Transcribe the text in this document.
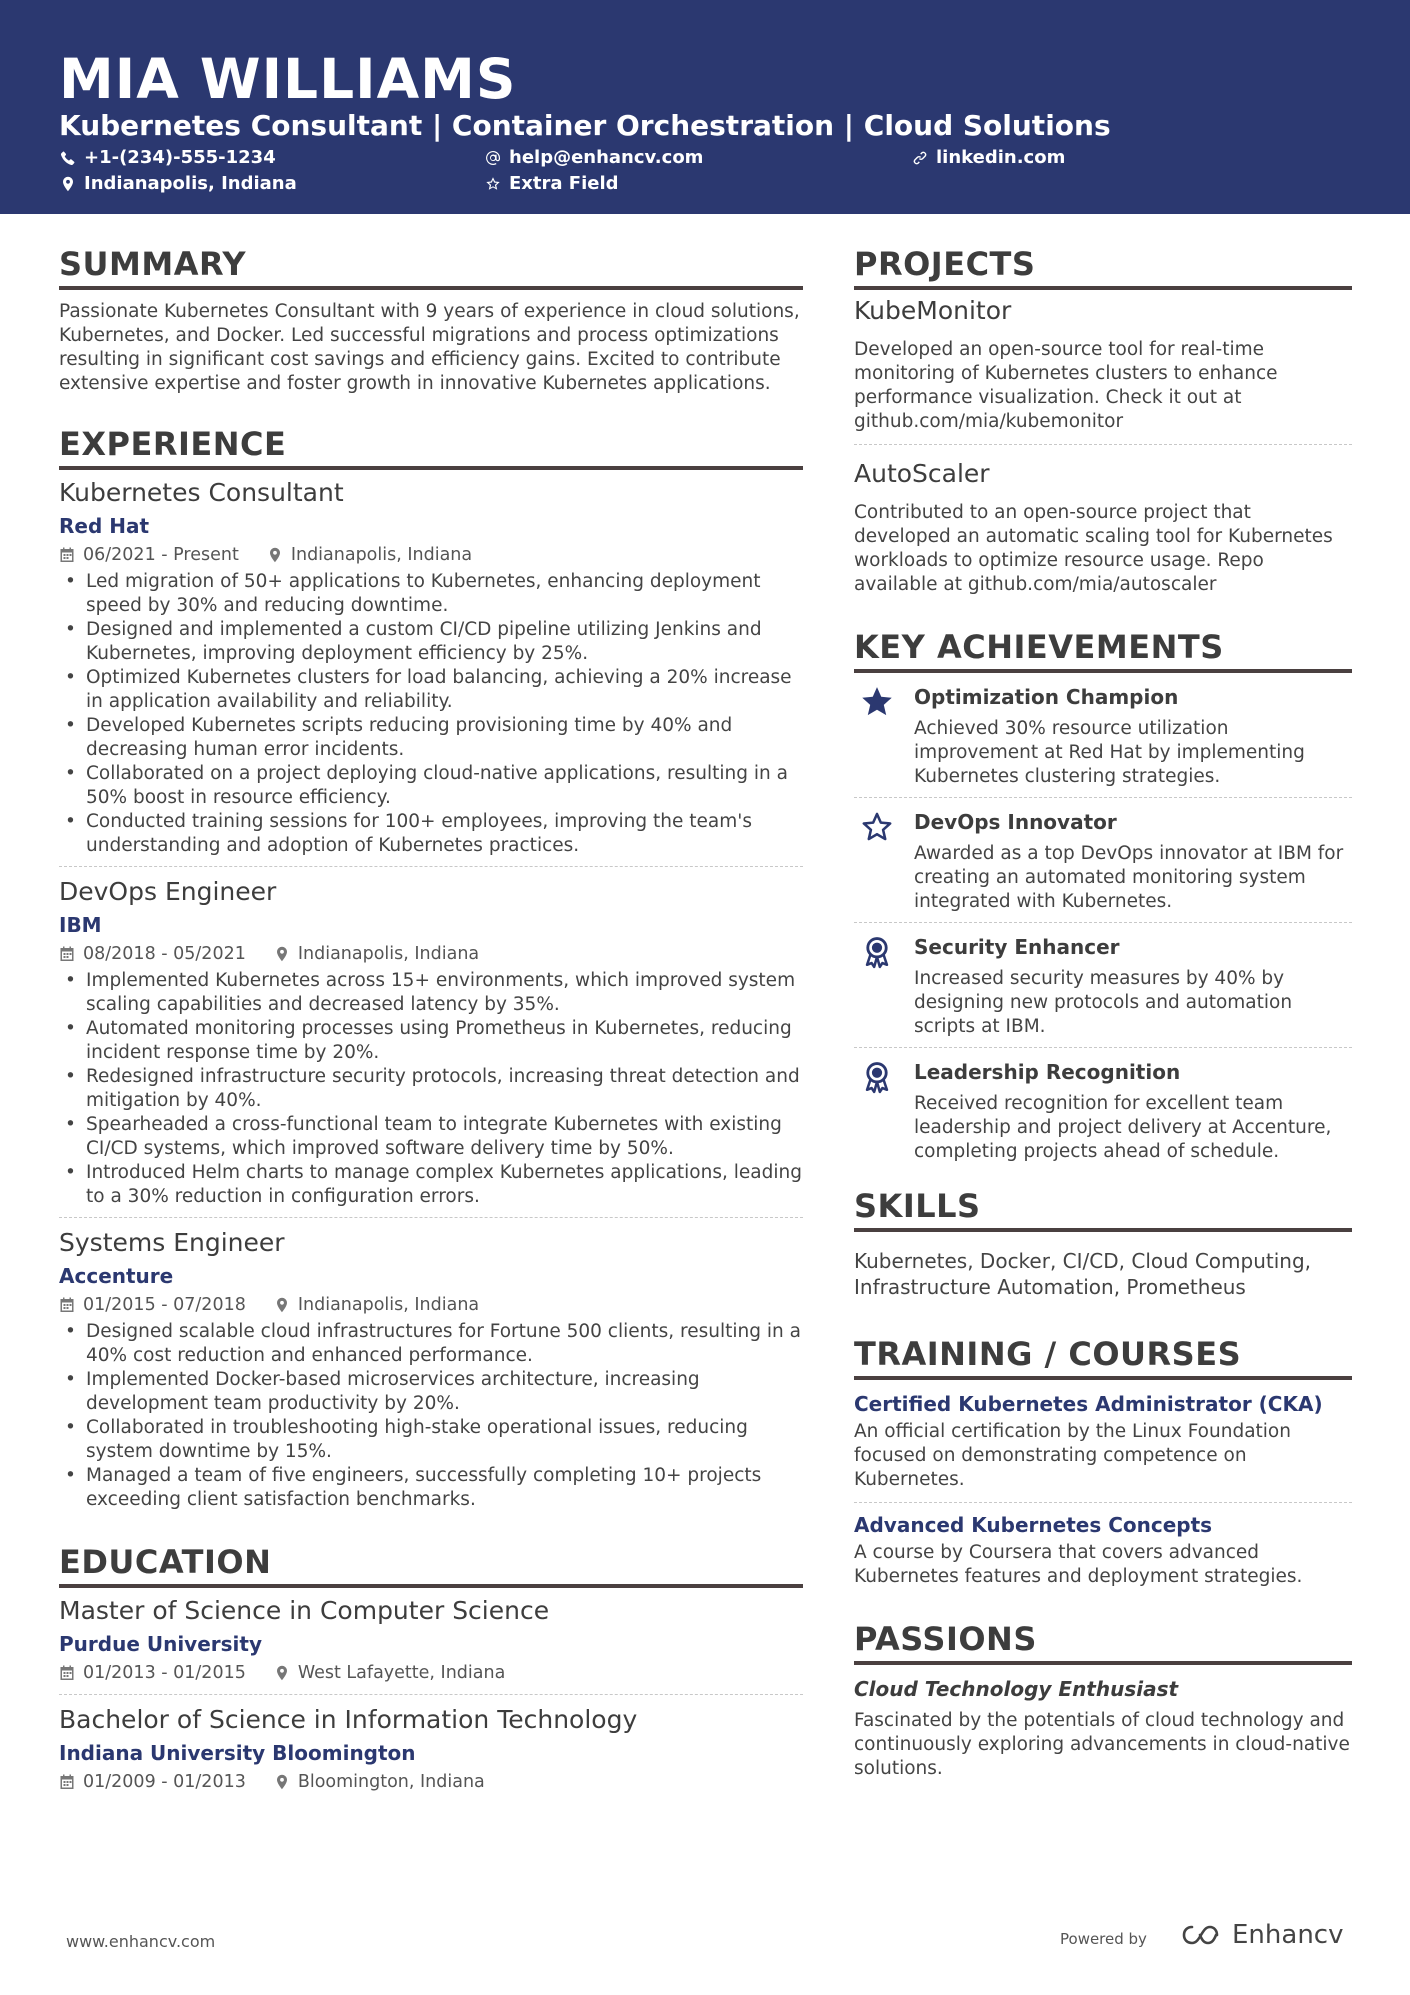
MIA WILLIAMS
Kubernetes Consultant | Container Orchestration | Cloud Solutions
+1-(234)-555-1234	help@enhancv.com	linkedin.com
Indianapolis, Indiana	Extra Field
SUMMARY

Passionate Kubernetes Consultant with 9 years of experience in cloud solutions, Kubernetes, and Docker. Led successful migrations and process optimizations resulting in significant cost savings and efficiency gains. Excited to contribute extensive expertise and foster growth in innovative Kubernetes applications.

EXPERIENCE
Kubernetes Consultant
Red Hat
06/2021 - Present	Indianapolis, Indiana
• Led migration of 50+ applications to Kubernetes, enhancing deployment speed by 30% and reducing downtime.
• Designed and implemented a custom CI/CD pipeline utilizing Jenkins and Kubernetes, improving deployment efficiency by 25%.
• Optimized Kubernetes clusters for load balancing, achieving a 20% increase in application availability and reliability.
• Developed Kubernetes scripts reducing provisioning time by 40% and decreasing human error incidents.
• Collaborated on a project deploying cloud-native applications, resulting in a 50% boost in resource efficiency.
• Conducted training sessions for 100+ employees, improving the team's understanding and adoption of Kubernetes practices.
DevOps Engineer
IBM
08/2018 - 05/2021	Indianapolis, Indiana
• Implemented Kubernetes across 15+ environments, which improved system scaling capabilities and decreased latency by 35%.
• Automated monitoring processes using Prometheus in Kubernetes, reducing incident response time by 20%.
• Redesigned infrastructure security protocols, increasing threat detection and mitigation by 40%.
• Spearheaded a cross-functional team to integrate Kubernetes with existing CI/CD systems, which improved software delivery time by 50%.
• Introduced Helm charts to manage complex Kubernetes applications, leading to a 30% reduction in configuration errors.
Systems Engineer
Accenture
01/2015 - 07/2018	Indianapolis, Indiana
• Designed scalable cloud infrastructures for Fortune 500 clients, resulting in a 40% cost reduction and enhanced performance.
• Implemented Docker-based microservices architecture, increasing development team productivity by 20%.
• Collaborated in troubleshooting high-stake operational issues, reducing system downtime by 15%.
• Managed a team of five engineers, successfully completing 10+ projects exceeding client satisfaction benchmarks.
EDUCATION
Master of Science in Computer Science
Purdue University
01/2013 - 01/2015	West Lafayette, Indiana
Bachelor of Science in Information Technology
Indiana University Bloomington
01/2009 - 01/2013	Bloomington, Indiana
PROJECTS
KubeMonitor

Developed an open-source tool for real-time monitoring of Kubernetes clusters to enhance performance visualization. Check it out at github.com/mia/kubemonitor

AutoScaler

Contributed to an open-source project that developed an automatic scaling tool for Kubernetes workloads to optimize resource usage. Repo available at github.com/mia/autoscaler

KEY ACHIEVEMENTS
Optimization Champion
Achieved 30% resource utilization improvement at Red Hat by implementing Kubernetes clustering strategies.
DevOps Innovator
Awarded as a top DevOps innovator at IBM for creating an automated monitoring system integrated with Kubernetes.
Security Enhancer
Increased security measures by 40% by designing new protocols and automation scripts at IBM.
Leadership Recognition
Received recognition for excellent team leadership and project delivery at Accenture, completing projects ahead of schedule.
SKILLS

Kubernetes, Docker, CI/CD, Cloud Computing, Infrastructure Automation, Prometheus

TRAINING / COURSES
Certified Kubernetes Administrator (CKA)

An official certification by the Linux Foundation focused on demonstrating competence on Kubernetes.

Advanced Kubernetes Concepts

A course by Coursera that covers advanced Kubernetes features and deployment strategies.

PASSIONS
Cloud Technology Enthusiast

Fascinated by the potentials of cloud technology and continuously exploring advancements in cloud-native solutions.

www.enhancv.com	Powered by	Enhancv
